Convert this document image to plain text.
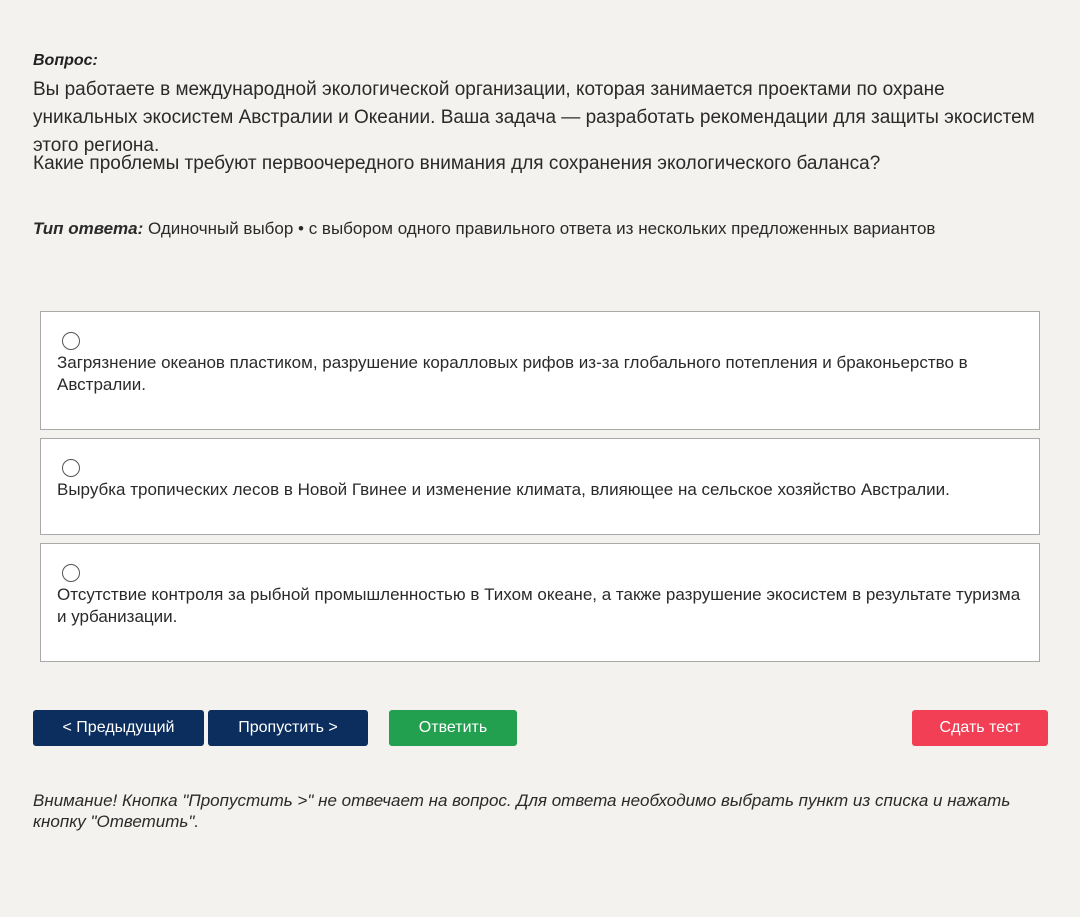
Вопрос:
Вы работаете в международной экологической организации, которая занимается проектами по охране уникальных экосистем Австралии и Океании. Ваша задача — разработать рекомендации для защиты экосистем этого региона.
Какие проблемы требуют первоочередного внимания для сохранения экологического баланса?
Тип ответа: Одиночный выбор • с выбором одного правильного ответа из нескольких предложенных вариантов
Загрязнение океанов пластиком, разрушение коралловых рифов из-за глобального потепления и браконьерство в Австралии.
Вырубка тропических лесов в Новой Гвинее и изменение климата, влияющее на сельское хозяйство Австралии.
Отсутствие контроля за рыбной промышленностью в Тихом океане, а также разрушение экосистем в результате туризма и урбанизации.
< Предыдущий	Пропустить >	Ответить	Сдать тест
Внимание! Кнопка "Пропустить >" не отвечает на вопрос. Для ответа необходимо выбрать пункт из списка и нажать кнопку "Ответить".
